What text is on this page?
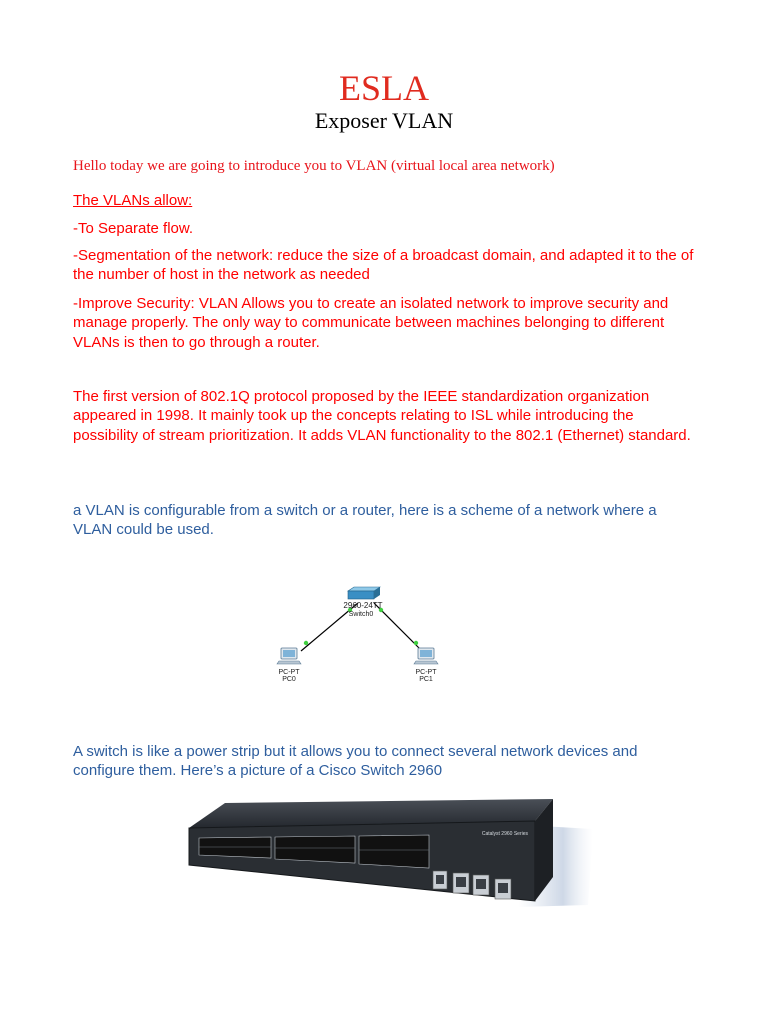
ESLA
Exposer VLAN
Hello today we are going to introduce you to VLAN (virtual local area network)
The VLANs allow:
-To Separate flow.
-Segmentation of the network: reduce the size of a broadcast domain, and adapted it to the of the number of host in the network as needed
-Improve Security: VLAN Allows you to create an isolated network to improve security and manage properly. The only way to communicate between machines belonging to different VLANs is then to go through a router.
The first version of 802.1Q protocol proposed by the IEEE standardization organization appeared in 1998. It mainly took up the concepts relating to ISL while introducing the possibility of stream prioritization. It adds VLAN functionality to the 802.1 (Ethernet) standard.
a VLAN is configurable from a switch or a router, here is a scheme of a network where a VLAN could be used.
2960-24TT
Switch0
PC-PT
PC0
PC-PT
PC1
A switch is like a power strip but it allows you to connect several network devices and configure them. Here’s a picture of a Cisco Switch 2960
Catalyst 2960 Series
